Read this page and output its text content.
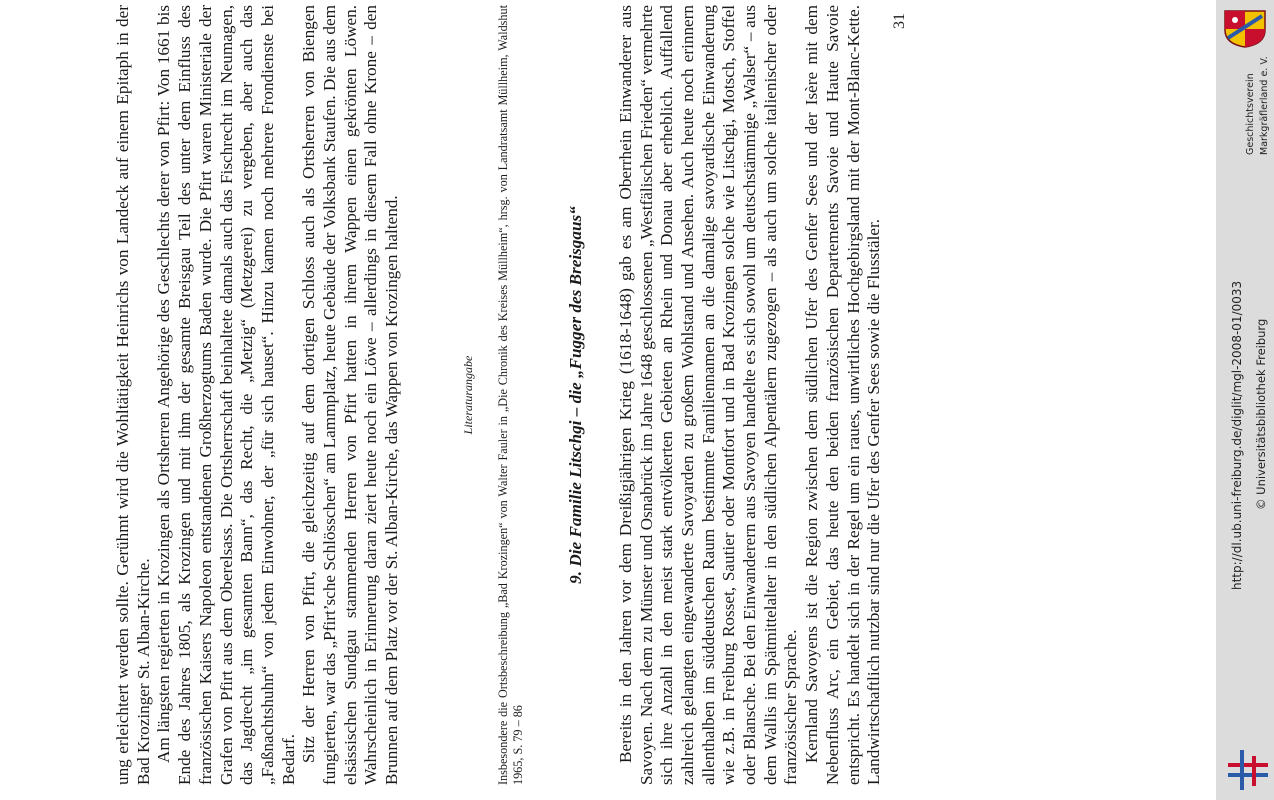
ung erleichtert werden sollte. Gerühmt wird die Wohltätigkeit Heinrichs von Landeck auf einem Epitaph in der Bad Krozinger St. Alban-Kirche. Am längsten regierten in Krozingen als Ortsherren Angehörige des Geschlechts derer von Pfirt: Von 1661 bis Ende des Jahres 1805, als Krozingen und mit ihm der gesamte Breisgau Teil des unter dem Einfluss des französischen Kaisers Napoleon entstandenen Großherzogtums Baden wurde. Die Pfirt waren Ministeriale der Grafen von Pfirt aus dem Oberelsass. Die Ortsherrschaft beinhaltete damals auch das Fischrecht im Neumagen, das Jagdrecht „im gesamten Bann“, das Recht, die „Metzig“ (Metzgerei) zu vergeben, aber auch das „Faßnachtshuhn“ von jedem Einwohner, der „für sich hauset“. Hinzu kamen noch mehrere Frondienste bei Bedarf. Sitz der Herren von Pfirt, die gleichzeitig auf dem dortigen Schloss auch als Ortsherren von Biengen fungierten, war das „Pfirt’sche Schlösschen“ am Lammplatz, heute Gebäude der Volksbank Staufen. Die aus dem elsässischen Sundgau stammenden Herren von Pfirt hatten in ihrem Wappen einen gekrönten Löwen. Wahrscheinlich in Erinnerung daran ziert heute noch ein Löwe – allerdings in diesem Fall ohne Krone – den Brunnen auf dem Platz vor der St. Alban-Kirche, das Wappen von Krozingen haltend.	Literaturangabe Insbesondere die Ortsbeschreibung „Bad Krozingen“ von Walter Fauler in „Die Chronik des Kreises Müllheim“, hrsg. von Landratsamt Müllheim, Waldshut 1965, S. 79 – 86

9. Die Familie Litschgi – die „Fugger des Breisgaus“ Bereits in den Jahren vor dem Dreißigjährigen Krieg (1618-1648) gab es am Oberrhein Einwanderer aus Savoyen. Nach dem zu Münster und Osnabrück im Jahre 1648 geschlossenen „Westfälischen Frieden“ vermehrte sich ihre Anzahl in den meist stark entvölkerten Gebieten an Rhein und Donau aber erheblich. Auffallend zahlreich gelangten eingewanderte Savoyarden zu großem Wohlstand und Ansehen. Auch heute noch erinnern allenthalben im süddeutschen Raum bestimmte Familiennamen an die damalige savoyardische Einwanderung wie z.B. in Freiburg Rosset, Sautier oder Montfort und in Bad Krozingen solche wie Litschgi, Motsch, Stoffel oder Blansche. Bei den Einwanderern aus Savoyen handelte es sich sowohl um deutschstämmige „Walser“ – aus dem Wallis im Spätmittelalter in den südlichen Alpentälern zugezogen – als auch um solche italienischer oder französischer Sprache. Kernland Savoyens ist die Region zwischen dem südlichen Ufer des Genfer Sees und der Isère mit dem Nebenfluss Arc, ein Gebiet, das heute den beiden französischen Departements Savoie und Haute Savoie entspricht. Es handelt sich in der Regel um ein raues, unwirtliches Hochgebirgsland mit der Mont-Blanc-Kette. Landwirtschaftlich nutzbar sind nur die Ufer des Genfer Sees sowie die Flusstäler.

31

http://dl.ub.uni-freiburg.de/diglit/mgl-2008-01/0033 © Universitätsbibliothek Freiburg
Geschichtsverein Markgräflerland e. V.
